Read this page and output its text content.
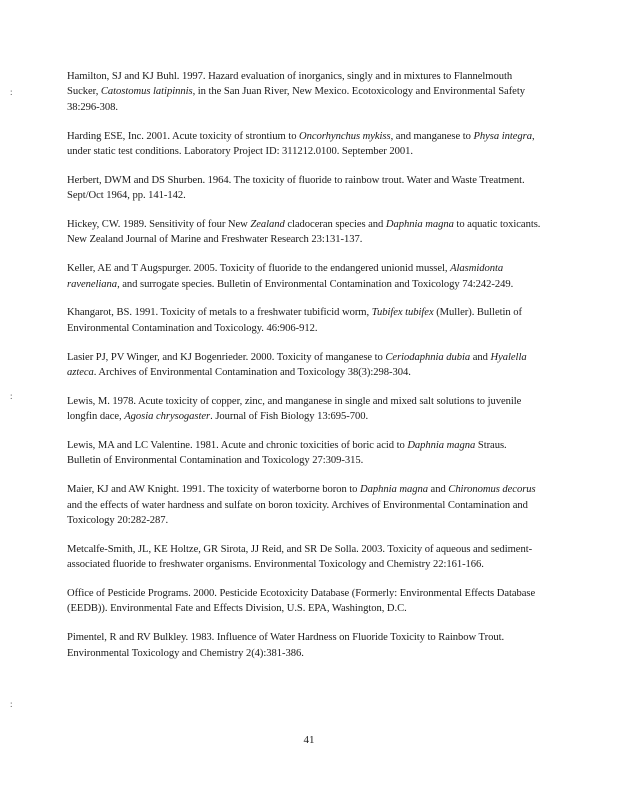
:
:
:
Hamilton, SJ and KJ Buhl. 1997. Hazard evaluation of inorganics, singly and in mixtures to Flannelmouth Sucker, Catostomus latipinnis, in the San Juan River, New Mexico. Ecotoxicology and Environmental Safety 38:296-308.
Harding ESE, Inc. 2001. Acute toxicity of strontium to Oncorhynchus mykiss, and manganese to Physa integra, under static test conditions. Laboratory Project ID: 311212.0100. September 2001.
Herbert, DWM and DS Shurben. 1964. The toxicity of fluoride to rainbow trout. Water and Waste Treatment. Sept/Oct 1964, pp. 141-142.
Hickey, CW. 1989. Sensitivity of four New Zealand cladoceran species and Daphnia magna to aquatic toxicants. New Zealand Journal of Marine and Freshwater Research 23:131-137.
Keller, AE and T Augspurger. 2005. Toxicity of fluoride to the endangered unionid mussel, Alasmidonta raveneliana, and surrogate species. Bulletin of Environmental Contamination and Toxicology 74:242-249.
Khangarot, BS. 1991. Toxicity of metals to a freshwater tubificid worm, Tubifex tubifex (Muller). Bulletin of Environmental Contamination and Toxicology. 46:906-912.
Lasier PJ, PV Winger, and KJ Bogenrieder. 2000. Toxicity of manganese to Ceriodaphnia dubia and Hyalella azteca. Archives of Environmental Contamination and Toxicology 38(3):298-304.
Lewis, M. 1978. Acute toxicity of copper, zinc, and manganese in single and mixed salt solutions to juvenile longfin dace, Agosia chrysogaster. Journal of Fish Biology 13:695-700.
Lewis, MA and LC Valentine. 1981. Acute and chronic toxicities of boric acid to Daphnia magna Straus. Bulletin of Environmental Contamination and Toxicology 27:309-315.
Maier, KJ and AW Knight. 1991. The toxicity of waterborne boron to Daphnia magna and Chironomus decorus and the effects of water hardness and sulfate on boron toxicity. Archives of Environmental Contamination and Toxicology 20:282-287.
Metcalfe-Smith, JL, KE Holtze, GR Sirota, JJ Reid, and SR De Solla. 2003. Toxicity of aqueous and sediment-associated fluoride to freshwater organisms. Environmental Toxicology and Chemistry 22:161-166.
Office of Pesticide Programs. 2000. Pesticide Ecotoxicity Database (Formerly: Environmental Effects Database (EEDB)). Environmental Fate and Effects Division, U.S. EPA, Washington, D.C.
Pimentel, R and RV Bulkley. 1983. Influence of Water Hardness on Fluoride Toxicity to Rainbow Trout. Environmental Toxicology and Chemistry 2(4):381-386.
41
